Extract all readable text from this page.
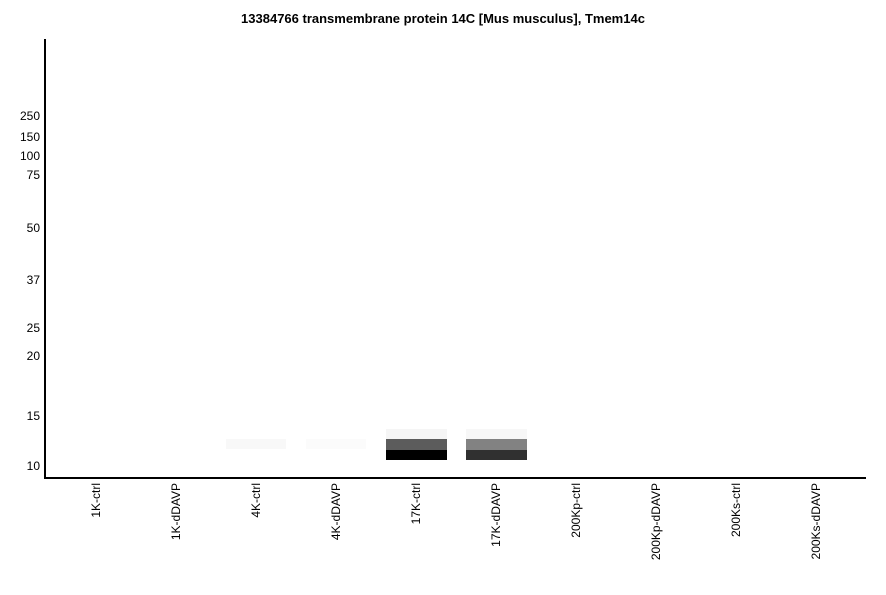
13384766 transmembrane protein 14C [Mus musculus], Tmem14c
250
150
100
75
50
37
25
20
15
10
1K-ctrl	1K-dDAVP	4K-ctrl	4K-dDAVP	17K-ctrl	17K-dDAVP	200Kp-ctrl	200Kp-dDAVP	200Ks-ctrl	200Ks-dDAVP
